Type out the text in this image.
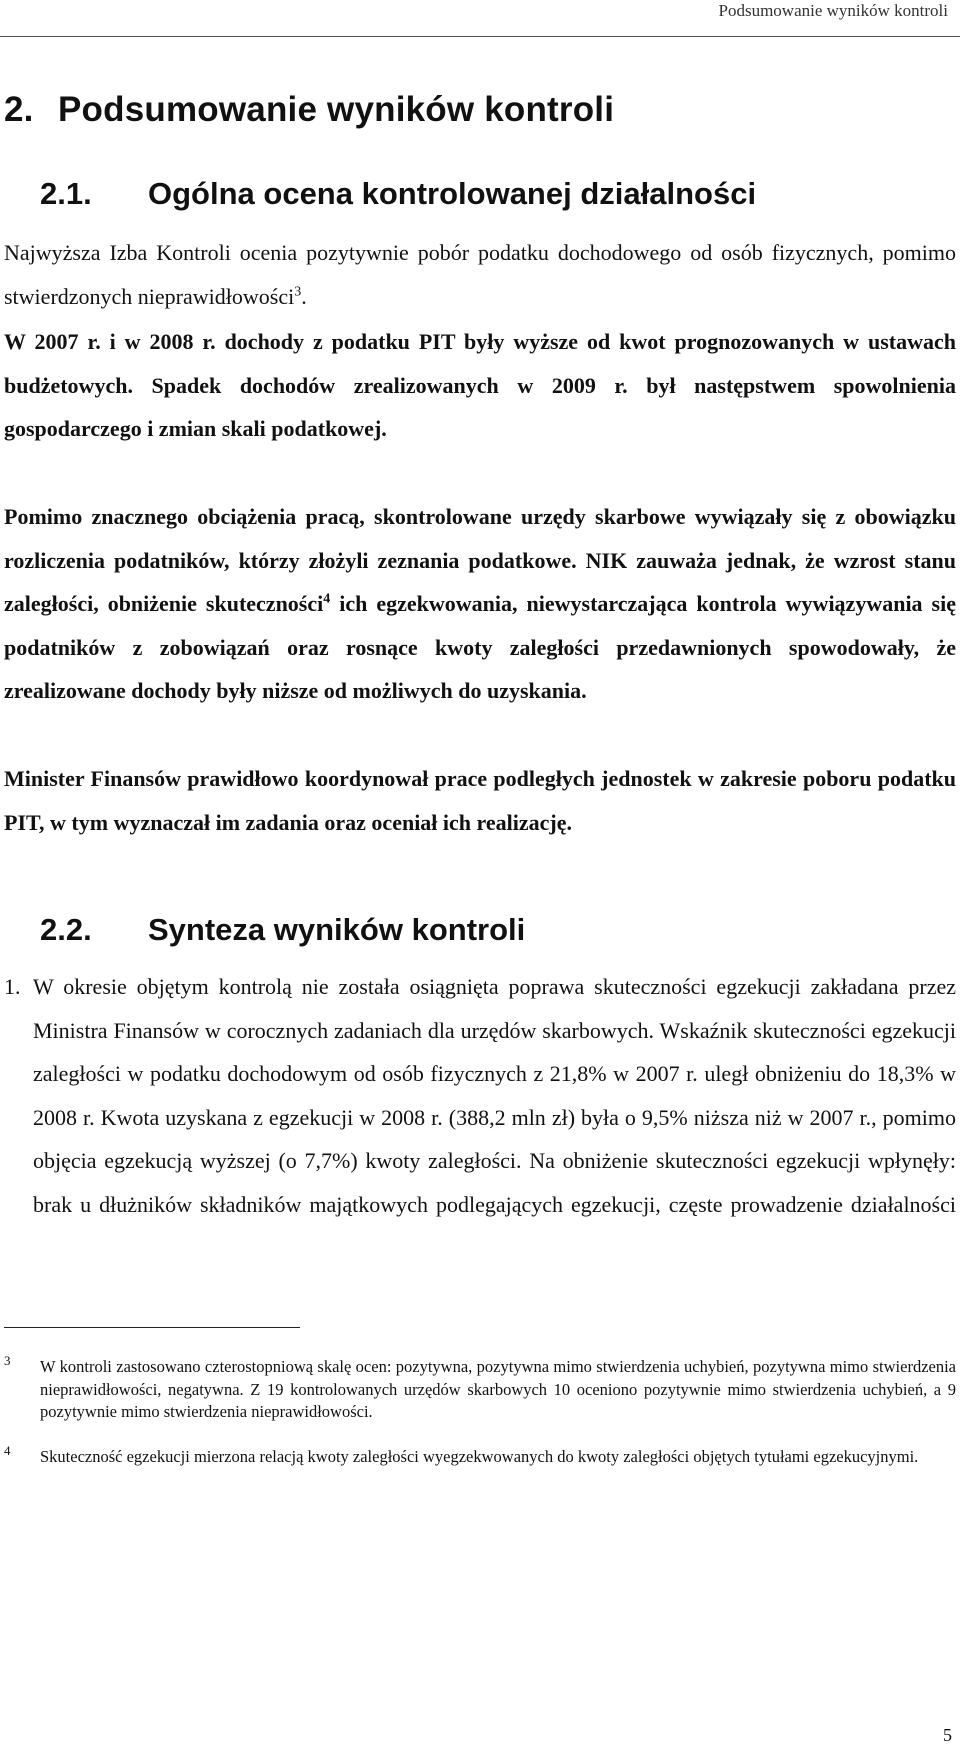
Podsumowanie wyników kontroli
2. Podsumowanie wyników kontroli
2.1. Ogólna ocena kontrolowanej działalności
Najwyższa Izba Kontroli ocenia pozytywnie pobór podatku dochodowego od osób fizycznych, pomimo stwierdzonych nieprawidłowości$^3$.
W 2007 r. i w 2008 r. dochody z podatku PIT były wyższe od kwot prognozowanych w ustawach budżetowych. Spadek dochodów zrealizowanych w 2009 r. był następstwem spowolnienia gospodarczego i zmian skali podatkowej.
Pomimo znacznego obciążenia pracą, skontrolowane urzędy skarbowe wywiązały się z obowiązku rozliczenia podatników, którzy złożyli zeznania podatkowe. NIK zauważa jednak, że wzrost stanu zaległości, obniżenie skuteczności$^4$ ich egzekwowania, niewystarczająca kontrola wywiązywania się podatników z zobowiązań oraz rosnące kwoty zaległości przedawnionych spowodowały, że zrealizowane dochody były niższe od możliwych do uzyskania.
Minister Finansów prawidłowo koordynował prace podległych jednostek w zakresie poboru podatku PIT, w tym wyznaczał im zadania oraz oceniał ich realizację.
2.2. Synteza wyników kontroli
1. W okresie objętym kontrolą nie została osiągnięta poprawa skuteczności egzekucji zakładana przez Ministra Finansów w corocznych zadaniach dla urzędów skarbowych. Wskaźnik skuteczności egzekucji zaległości w podatku dochodowym od osób fizycznych z 21,8% w 2007 r. uległ obniżeniu do 18,3% w 2008 r. Kwota uzyskana z egzekucji w 2008 r. (388,2 mln zł) była o 9,5% niższa niż w 2007 r., pomimo objęcia egzekucją wyższej (o 7,7%) kwoty zaległości. Na obniżenie skuteczności egzekucji wpłynęły: brak u dłużników składników majątkowych podlegających egzekucji, częste prowadzenie działalności
3 W kontroli zastosowano czterostopniową skalę ocen: pozytywna, pozytywna mimo stwierdzenia uchybień, pozytywna mimo stwierdzenia nieprawidłowości, negatywna. Z 19 kontrolowanych urzędów skarbowych 10 oceniono pozytywnie mimo stwierdzenia uchybień, a 9 pozytywnie mimo stwierdzenia nieprawidłowości.
4 Skuteczność egzekucji mierzona relacją kwoty zaległości wyegzekwowanych do kwoty zaległości objętych tytułami egzekucyjnymi.
5
